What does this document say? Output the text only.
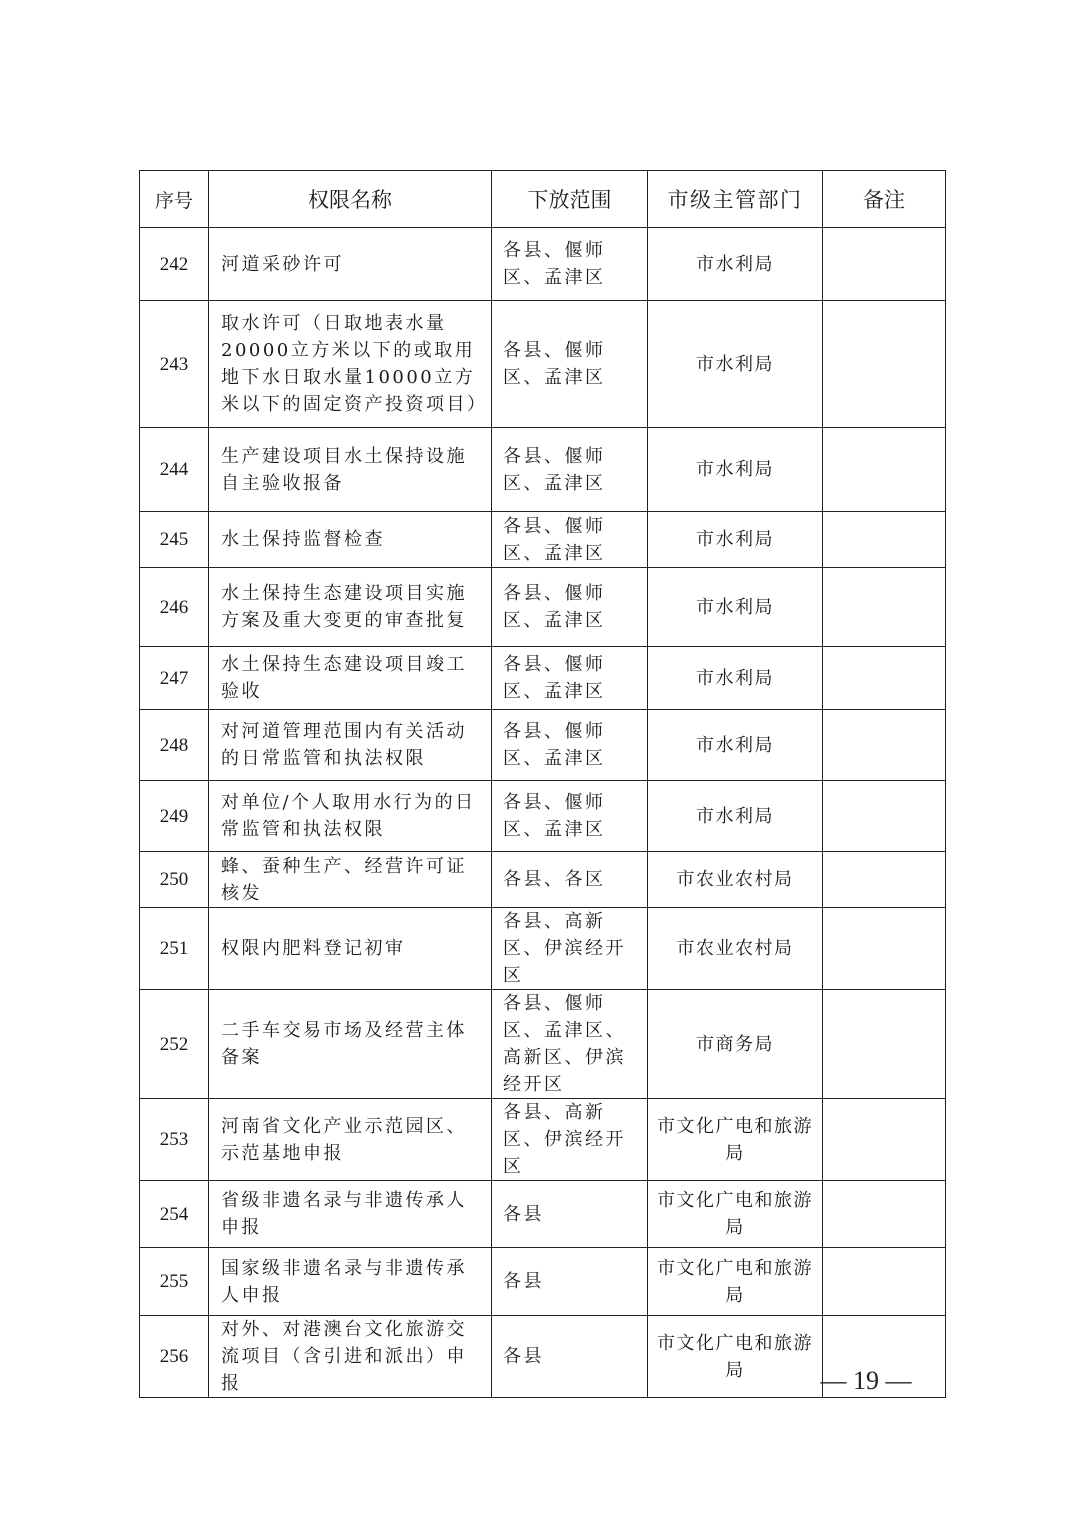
序号	权限名称	下放范围	市级主管部门	备注
242	河道采砂许可	各县、偃师区、孟津区	市水利局	
243	取水许可（日取地表水量20000立方米以下的或取用地下水日取水量10000立方米以下的固定资产投资项目）	各县、偃师区、孟津区	市水利局	
244	生产建设项目水土保持设施自主验收报备	各县、偃师区、孟津区	市水利局	
245	水土保持监督检查	各县、偃师区、孟津区	市水利局	
246	水土保持生态建设项目实施方案及重大变更的审查批复	各县、偃师区、孟津区	市水利局	
247	水土保持生态建设项目竣工验收	各县、偃师区、孟津区	市水利局	
248	对河道管理范围内有关活动的日常监管和执法权限	各县、偃师区、孟津区	市水利局	
249	对单位/个人取用水行为的日常监管和执法权限	各县、偃师区、孟津区	市水利局	
250	蜂、蚕种生产、经营许可证核发	各县、各区	市农业农村局	
251	权限内肥料登记初审	各县、高新区、伊滨经开区	市农业农村局	
252	二手车交易市场及经营主体备案	各县、偃师区、孟津区、高新区、伊滨经开区	市商务局	
253	河南省文化产业示范园区、示范基地申报	各县、高新区、伊滨经开区	市文化广电和旅游局	
254	省级非遗名录与非遗传承人申报	各县	市文化广电和旅游局	
255	国家级非遗名录与非遗传承人申报	各县	市文化广电和旅游局	
256	对外、对港澳台文化旅游交流项目（含引进和派出）申报	各县	市文化广电和旅游局		— 19 —
